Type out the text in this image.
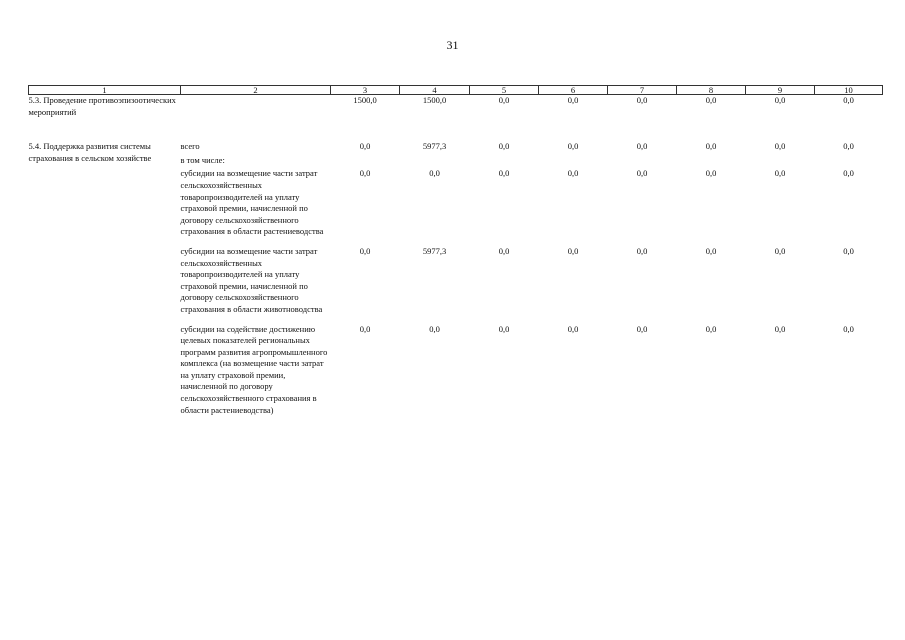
31
1	2	3	4	5	6	7	8	9	10
5.3. Проведение противоэпизоотических мероприятий		1500,0	1500,0	0,0	0,0	0,0	0,0	0,0	0,0
5.4. Поддержка развития системы страхования в сельском хозяйстве	всего	0,0	5977,3	0,0	0,0	0,0	0,0	0,0	0,0
	в том числе:								
	субсидии на возмещение части затрат сельскохозяйственных товаропроизводителей на уплату страховой премии, начисленной по договору сельскохозяйственного страхования в области растениеводства	0,0	0,0	0,0	0,0	0,0	0,0	0,0	0,0
	субсидии на возмещение части затрат сельскохозяйственных товаропроизводителей на уплату страховой премии, начисленной по договору сельскохозяйственного страхования в области животноводства	0,0	5977,3	0,0	0,0	0,0	0,0	0,0	0,0
	субсидии на содействие достижению целевых показателей региональных программ развития агропромышленного комплекса (на возмещение части затрат на уплату страховой премии, начисленной по договору сельскохозяйственного страхования в области растениеводства)	0,0	0,0	0,0	0,0	0,0	0,0	0,0	0,0
